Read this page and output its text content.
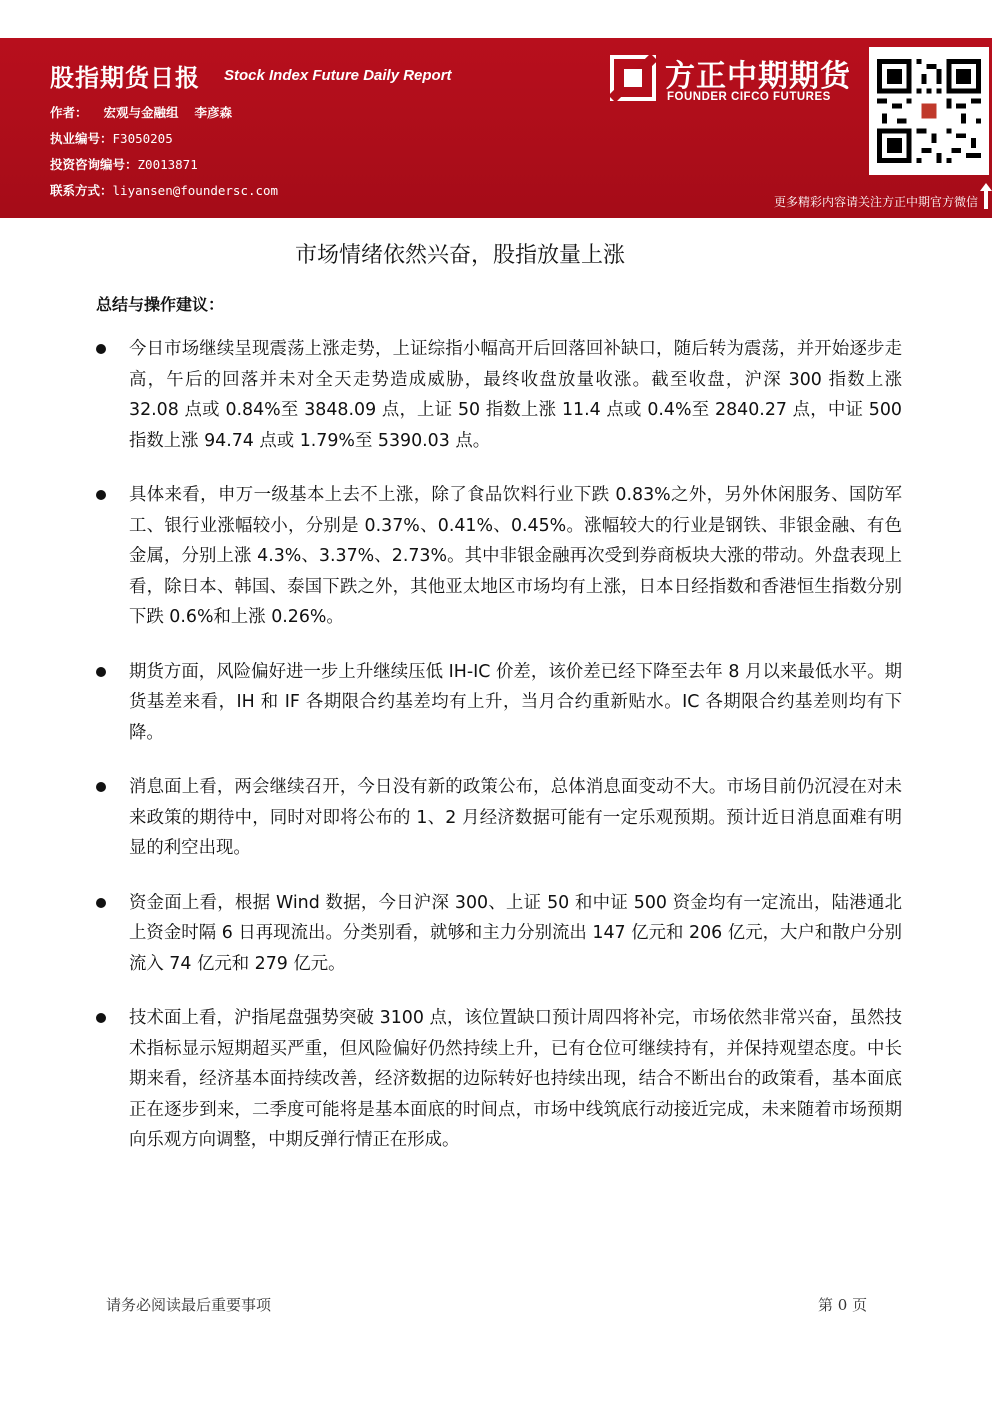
股指期货日报 Stock Index Future Daily Report
作者： 宏观与金融组 李彦森
执业编号：F3050205
投资咨询编号：Z0013871
联系方式：liyansen@foundersc.com
方正中期期货
FOUNDER CIFCO FUTURES
更多精彩内容请关注方正中期官方微信
市场情绪依然兴奋，股指放量上涨
总结与操作建议：
今日市场继续呈现震荡上涨走势，上证综指小幅高开后回落回补缺口，随后转为震荡，并开始逐步走高，午后的回落并未对全天走势造成威胁，最终收盘放量收涨。截至收盘，沪深 300 指数上涨 32.08 点或 0.84%至 3848.09 点，上证 50 指数上涨 11.4 点或 0.4%至 2840.27 点，中证 500 指数上涨 94.74 点或 1.79%至 5390.03 点。
具体来看，申万一级基本上去不上涨，除了食品饮料行业下跌 0.83%之外，另外休闲服务、国防军工、银行业涨幅较小，分别是 0.37%、0.41%、0.45%。涨幅较大的行业是钢铁、非银金融、有色金属，分别上涨 4.3%、3.37%、2.73%。其中非银金融再次受到券商板块大涨的带动。外盘表现上看，除日本、韩国、泰国下跌之外，其他亚太地区市场均有上涨，日本日经指数和香港恒生指数分别下跌 0.6%和上涨 0.26%。
期货方面，风险偏好进一步上升继续压低 IH-IC 价差，该价差已经下降至去年 8 月以来最低水平。期货基差来看，IH 和 IF 各期限合约基差均有上升，当月合约重新贴水。IC 各期限合约基差则均有下降。
消息面上看，两会继续召开，今日没有新的政策公布，总体消息面变动不大。市场目前仍沉浸在对未来政策的期待中，同时对即将公布的 1、2 月经济数据可能有一定乐观预期。预计近日消息面难有明显的利空出现。
资金面上看，根据 Wind 数据，今日沪深 300、上证 50 和中证 500 资金均有一定流出，陆港通北上资金时隔 6 日再现流出。分类别看，就够和主力分别流出 147 亿元和 206 亿元，大户和散户分别流入 74 亿元和 279 亿元。
技术面上看，沪指尾盘强势突破 3100 点，该位置缺口预计周四将补完，市场依然非常兴奋，虽然技术指标显示短期超买严重，但风险偏好仍然持续上升，已有仓位可继续持有，并保持观望态度。中长期来看，经济基本面持续改善，经济数据的边际转好也持续出现，结合不断出台的政策看，基本面底正在逐步到来，二季度可能将是基本面底的时间点，市场中线筑底行动接近完成，未来随着市场预期向乐观方向调整，中期反弹行情正在形成。
请务必阅读最后重要事项	第 0 页
